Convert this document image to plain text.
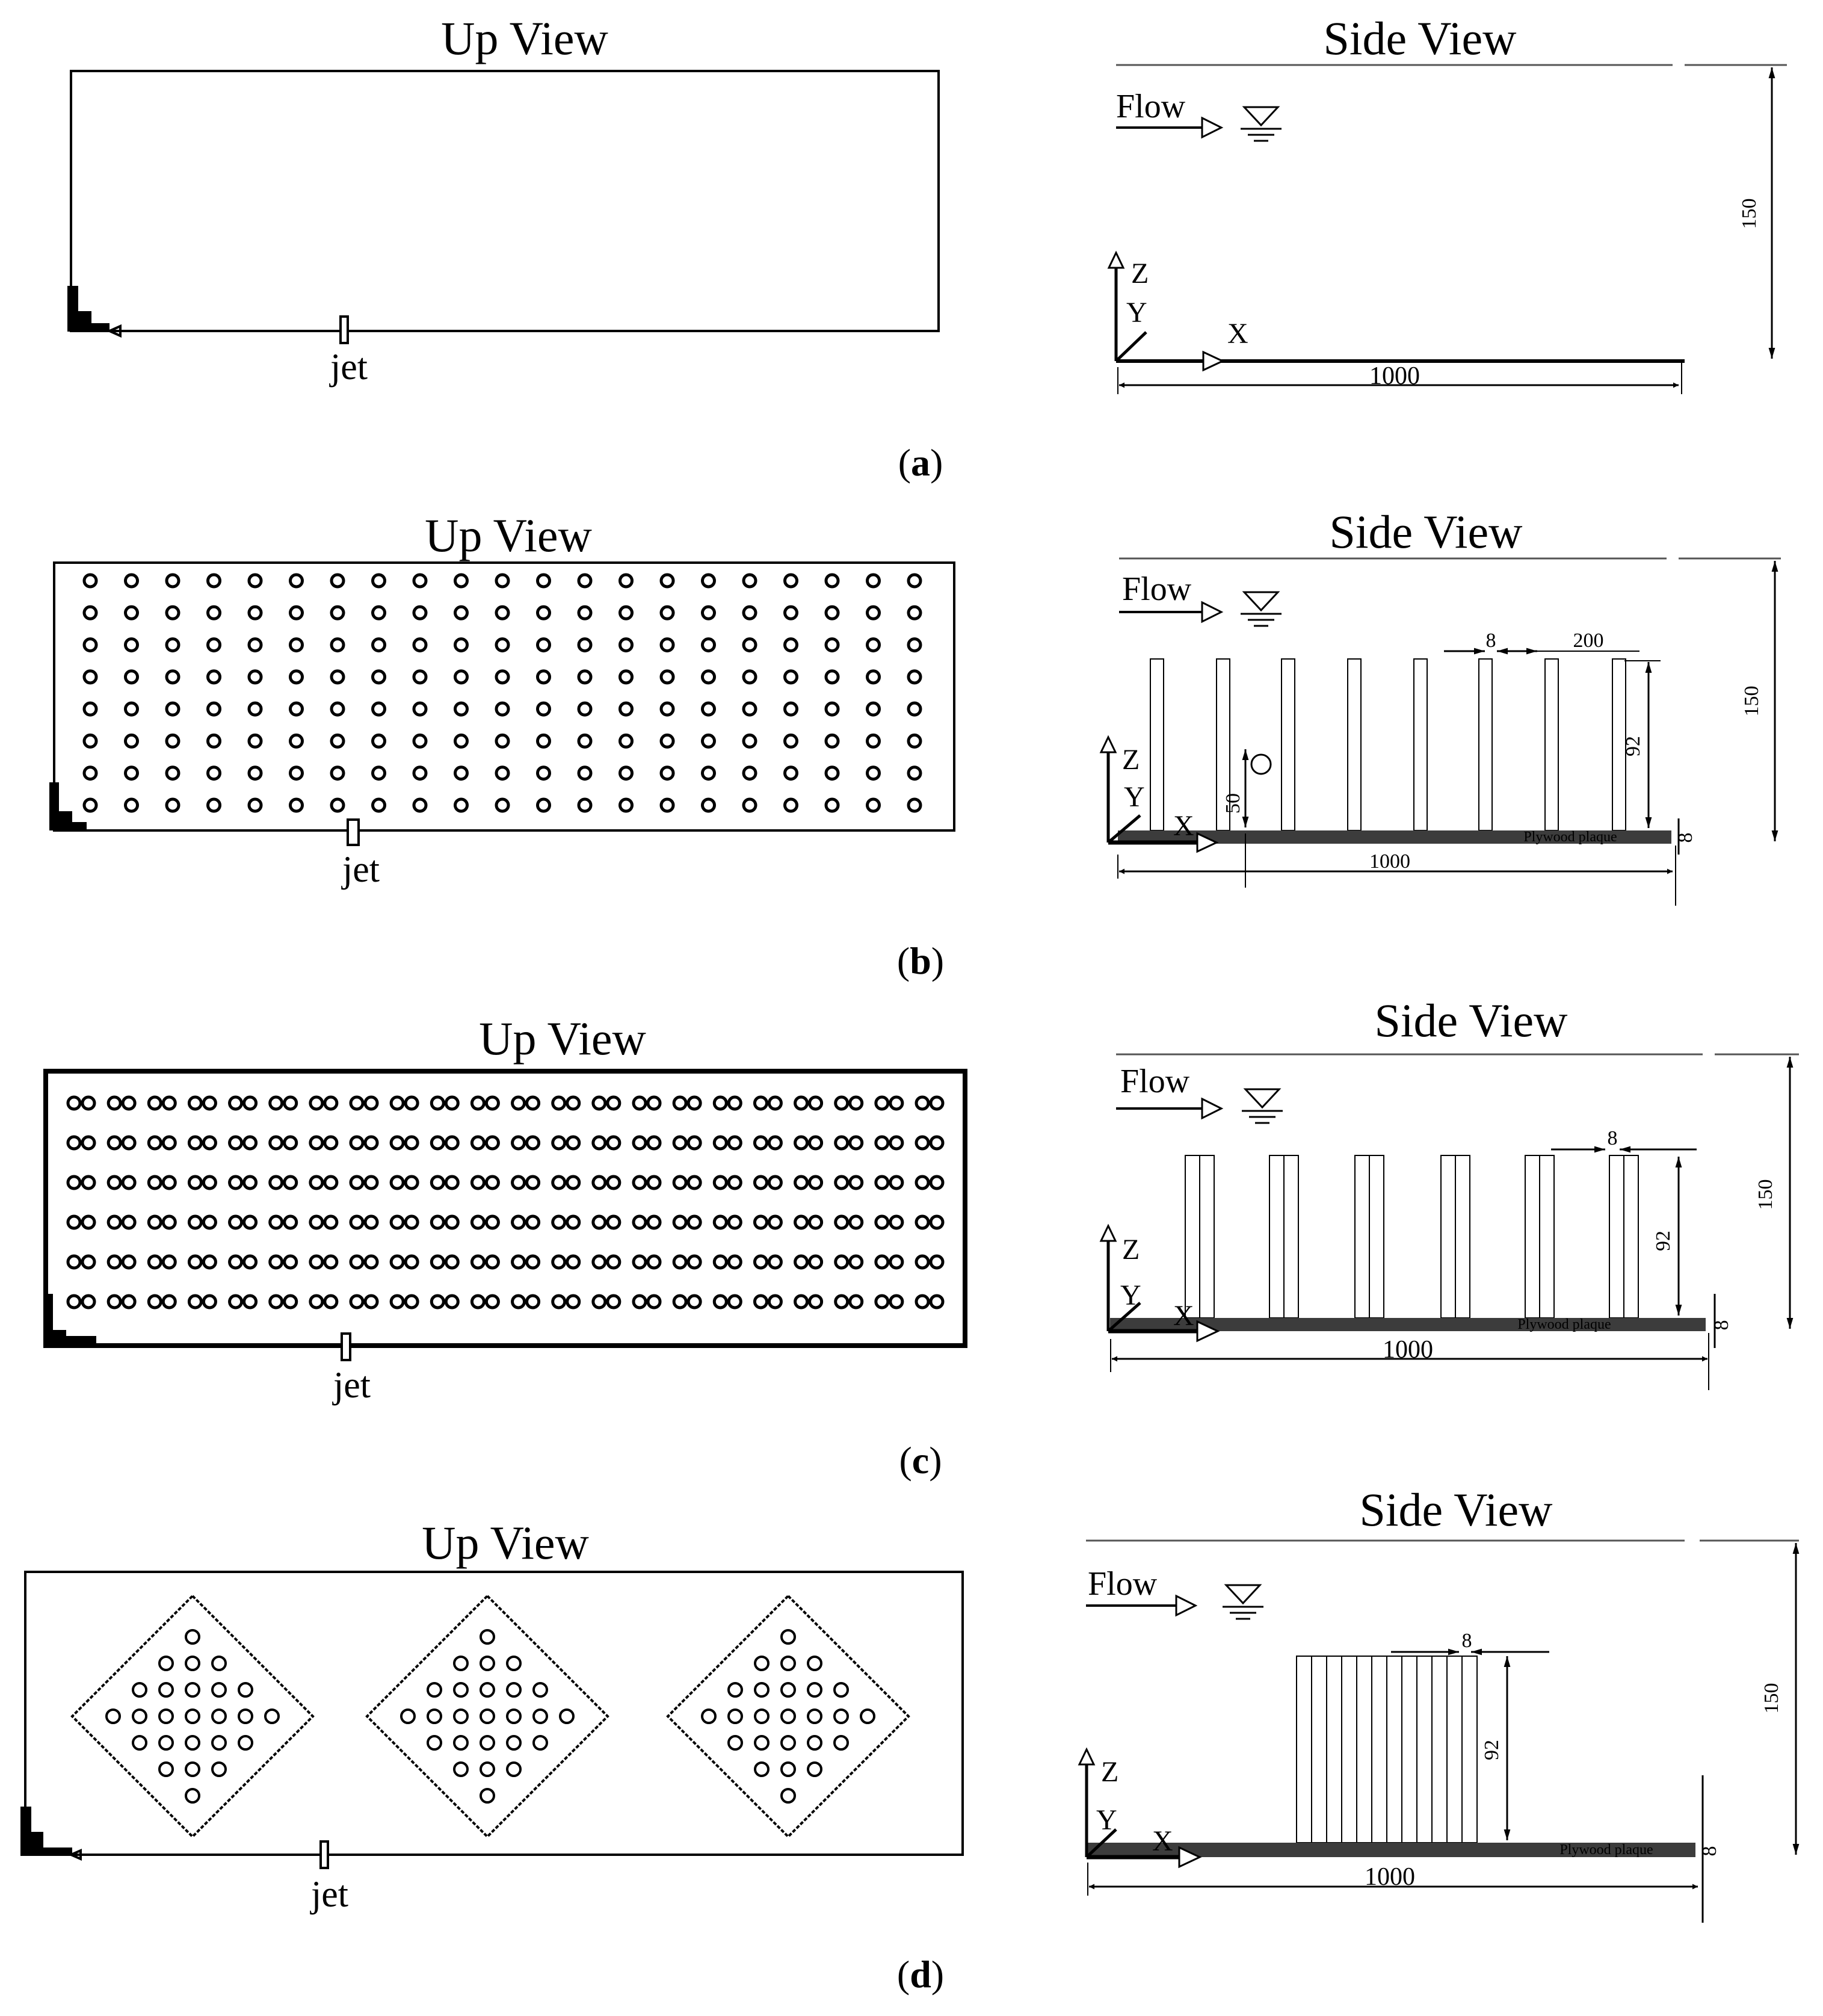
Up View
jet
Side View
Flow
Z
Y
X
150
1000
(a)
Up View
jet
Side View
Flow
Plywood plaque
Z
Y
X
50
8	200
92
8
150
1000
(b)
Up View
jet
Side View
Flow
Plywood plaque
Z
Y
X
8
92
8
150
1000
(c)
Up View
jet
Side View
Flow
Plywood plaque
Z
Y
X
8
92
8
150
1000
(d)
